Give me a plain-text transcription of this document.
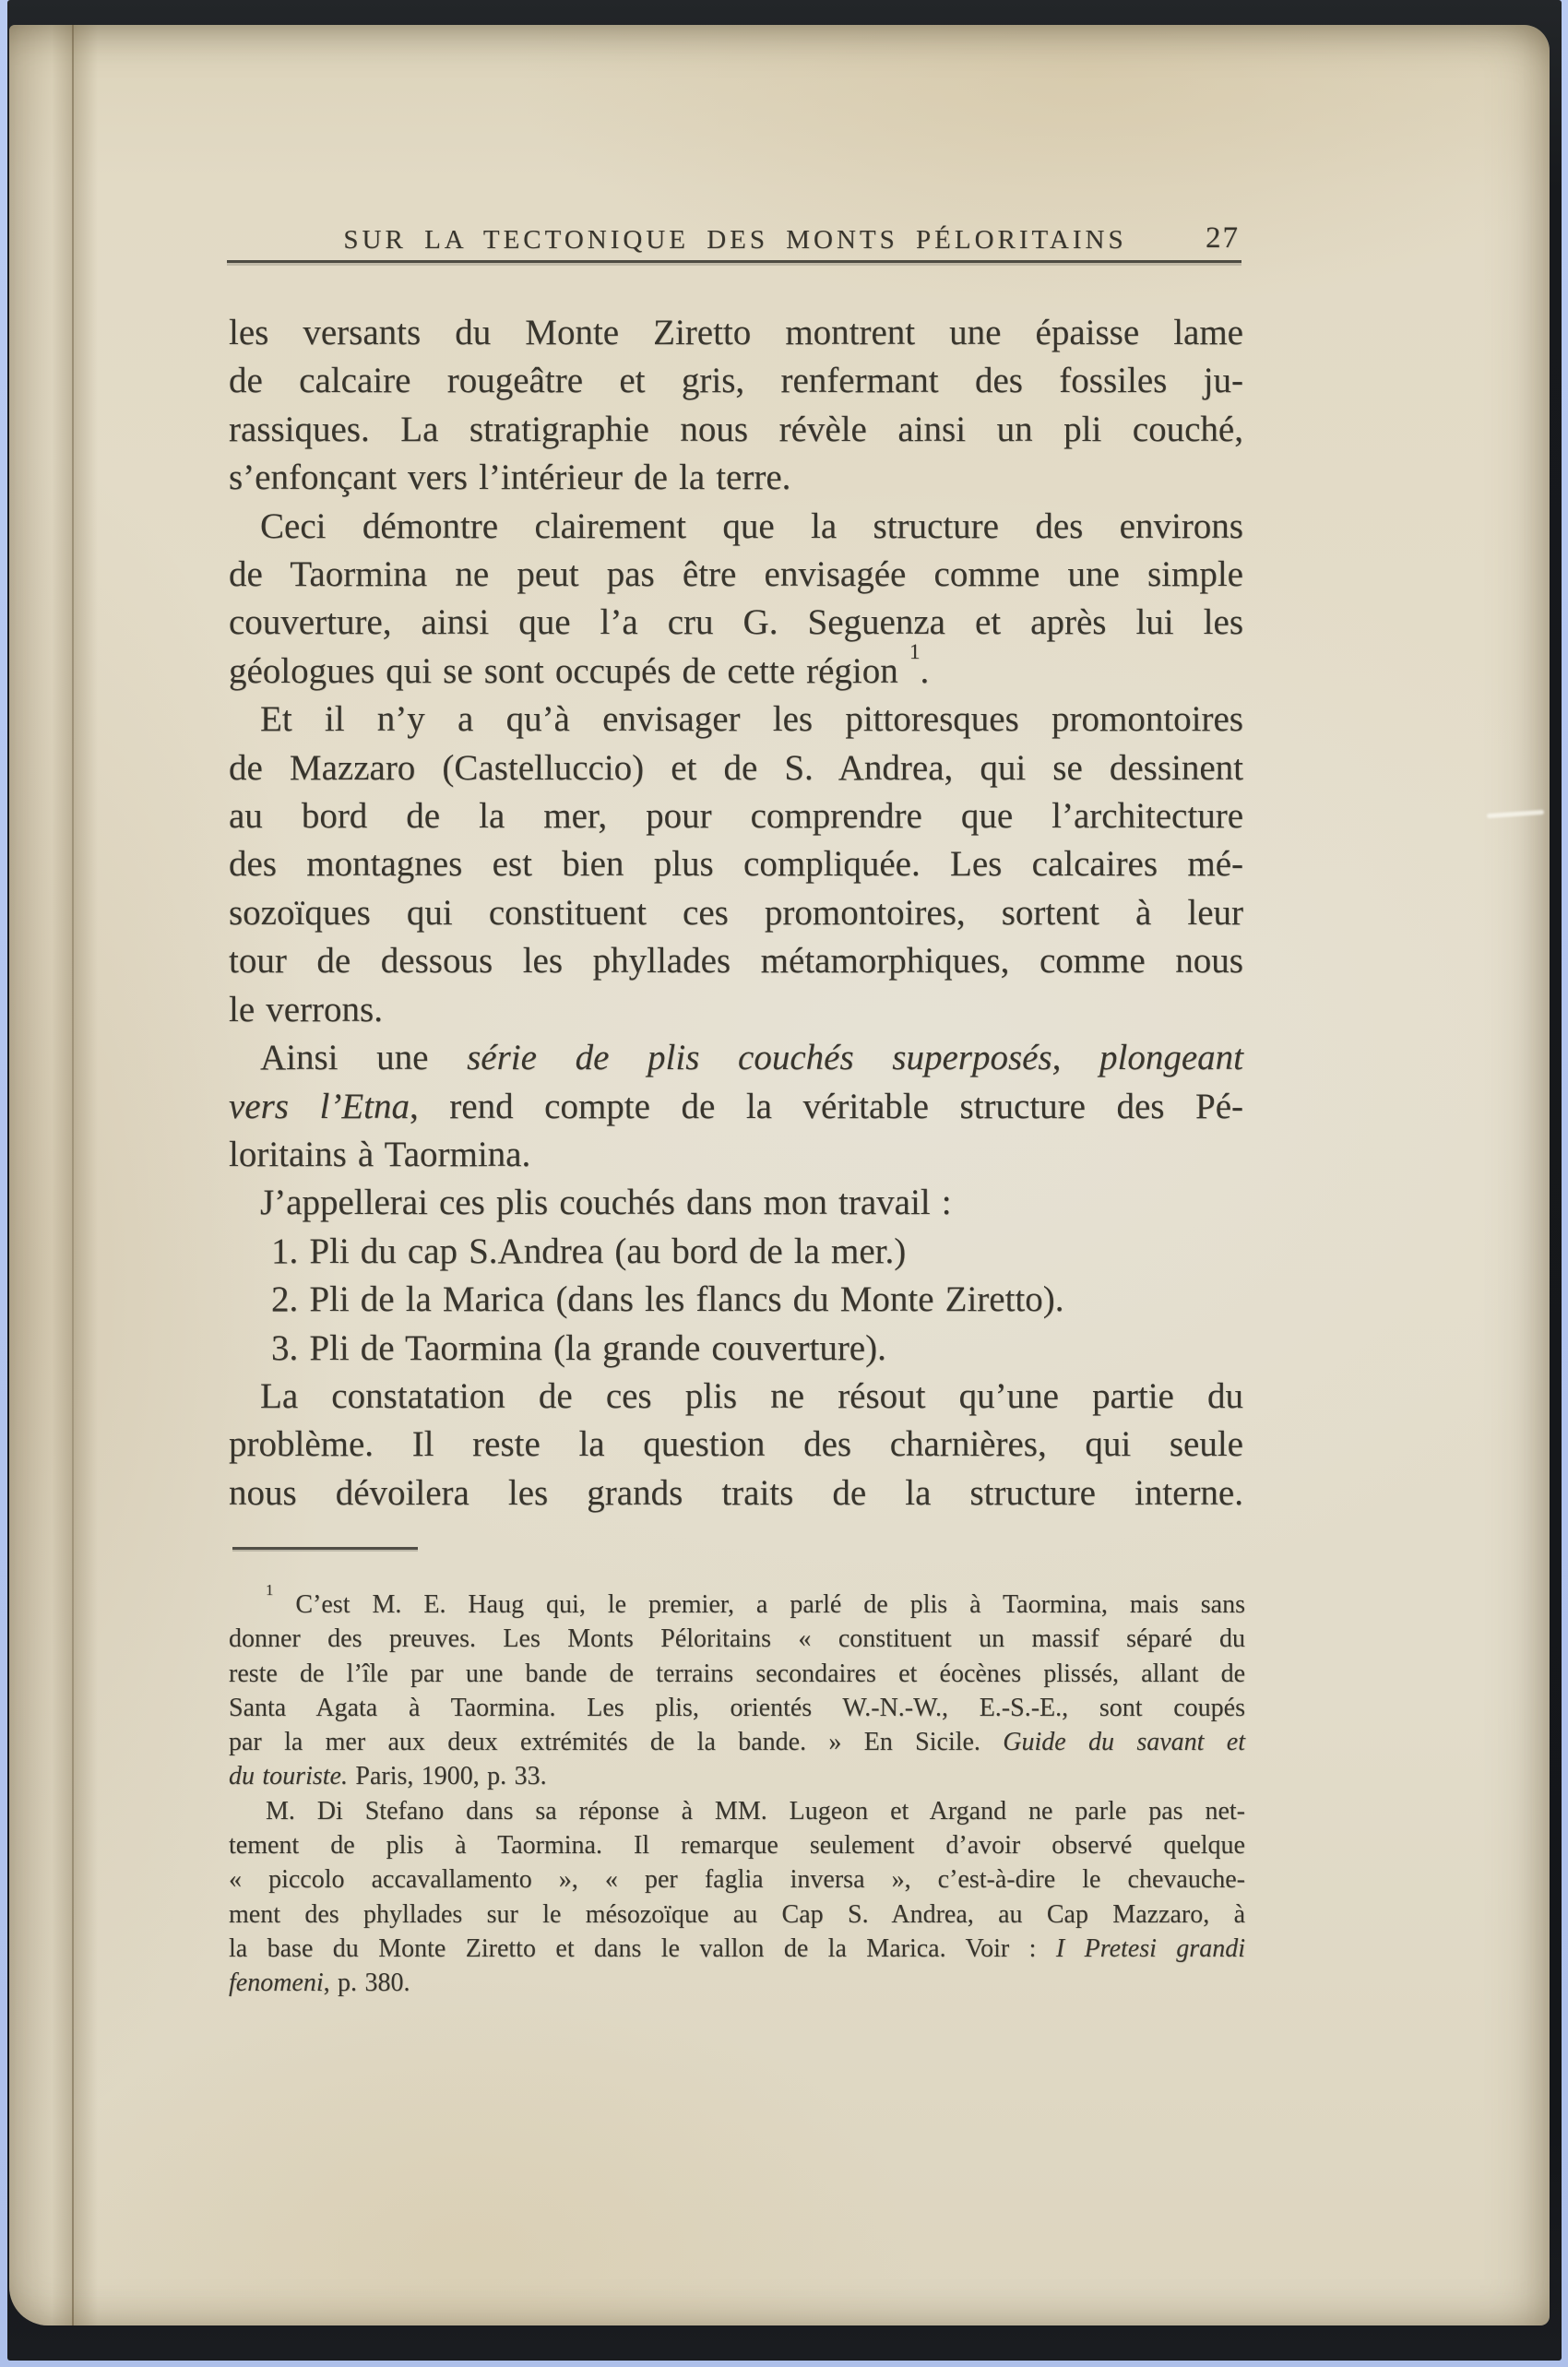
SUR LA TECTONIQUE DES MONTS PÉLORITAINS	27
les versants du Monte Ziretto montrent une épaisse lame
de calcaire rougeâtre et gris, renfermant des fossiles ju-
rassiques. La stratigraphie nous révèle ainsi un pli couché,
s’enfonçant vers l’intérieur de la terre.
Ceci démontre clairement que la structure des environs
de Taormina ne peut pas être envisagée comme une simple
couverture, ainsi que l’a cru G. Seguenza et après lui les
géologues qui se sont occupés de cette région $^1$.
Et il n’y a qu’à envisager les pittoresques promontoires
de Mazzaro (Castelluccio) et de S. Andrea, qui se dessinent
au bord de la mer, pour comprendre que l’architecture
des montagnes est bien plus compliquée. Les calcaires mé-
sozoïques qui constituent ces promontoires, sortent à leur
tour de dessous les phyllades métamorphiques, comme nous
le verrons.
Ainsi une série de plis couchés superposés, plongeant
vers l’Etna, rend compte de la véritable structure des Pé-
loritains à Taormina.
J’appellerai ces plis couchés dans mon travail :
1. Pli du cap S.Andrea (au bord de la mer.)
2. Pli de la Marica (dans les flancs du Monte Ziretto).
3. Pli de Taormina (la grande couverture).
La constatation de ces plis ne résout qu’une partie du
problème. Il reste la question des charnières, qui seule
nous dévoilera les grands traits de la structure interne.
$^1$ C’est M. E. Haug qui, le premier, a parlé de plis à Taormina, mais sans
donner des preuves. Les Monts Péloritains « constituent un massif séparé du
reste de l’île par une bande de terrains secondaires et éocènes plissés, allant de
Santa Agata à Taormina. Les plis, orientés W.-N.-W., E.-S.-E., sont coupés
par la mer aux deux extrémités de la bande. » En Sicile. Guide du savant et
du touriste. Paris, 1900, p. 33.
M. Di Stefano dans sa réponse à MM. Lugeon et Argand ne parle pas net-
tement de plis à Taormina. Il remarque seulement d’avoir observé quelque
« piccolo accavallamento », « per faglia inversa », c’est-à-dire le chevauche-
ment des phyllades sur le mésozoïque au Cap S. Andrea, au Cap Mazzaro, à
la base du Monte Ziretto et dans le vallon de la Marica. Voir : I Pretesi grandi
fenomeni, p. 380.
